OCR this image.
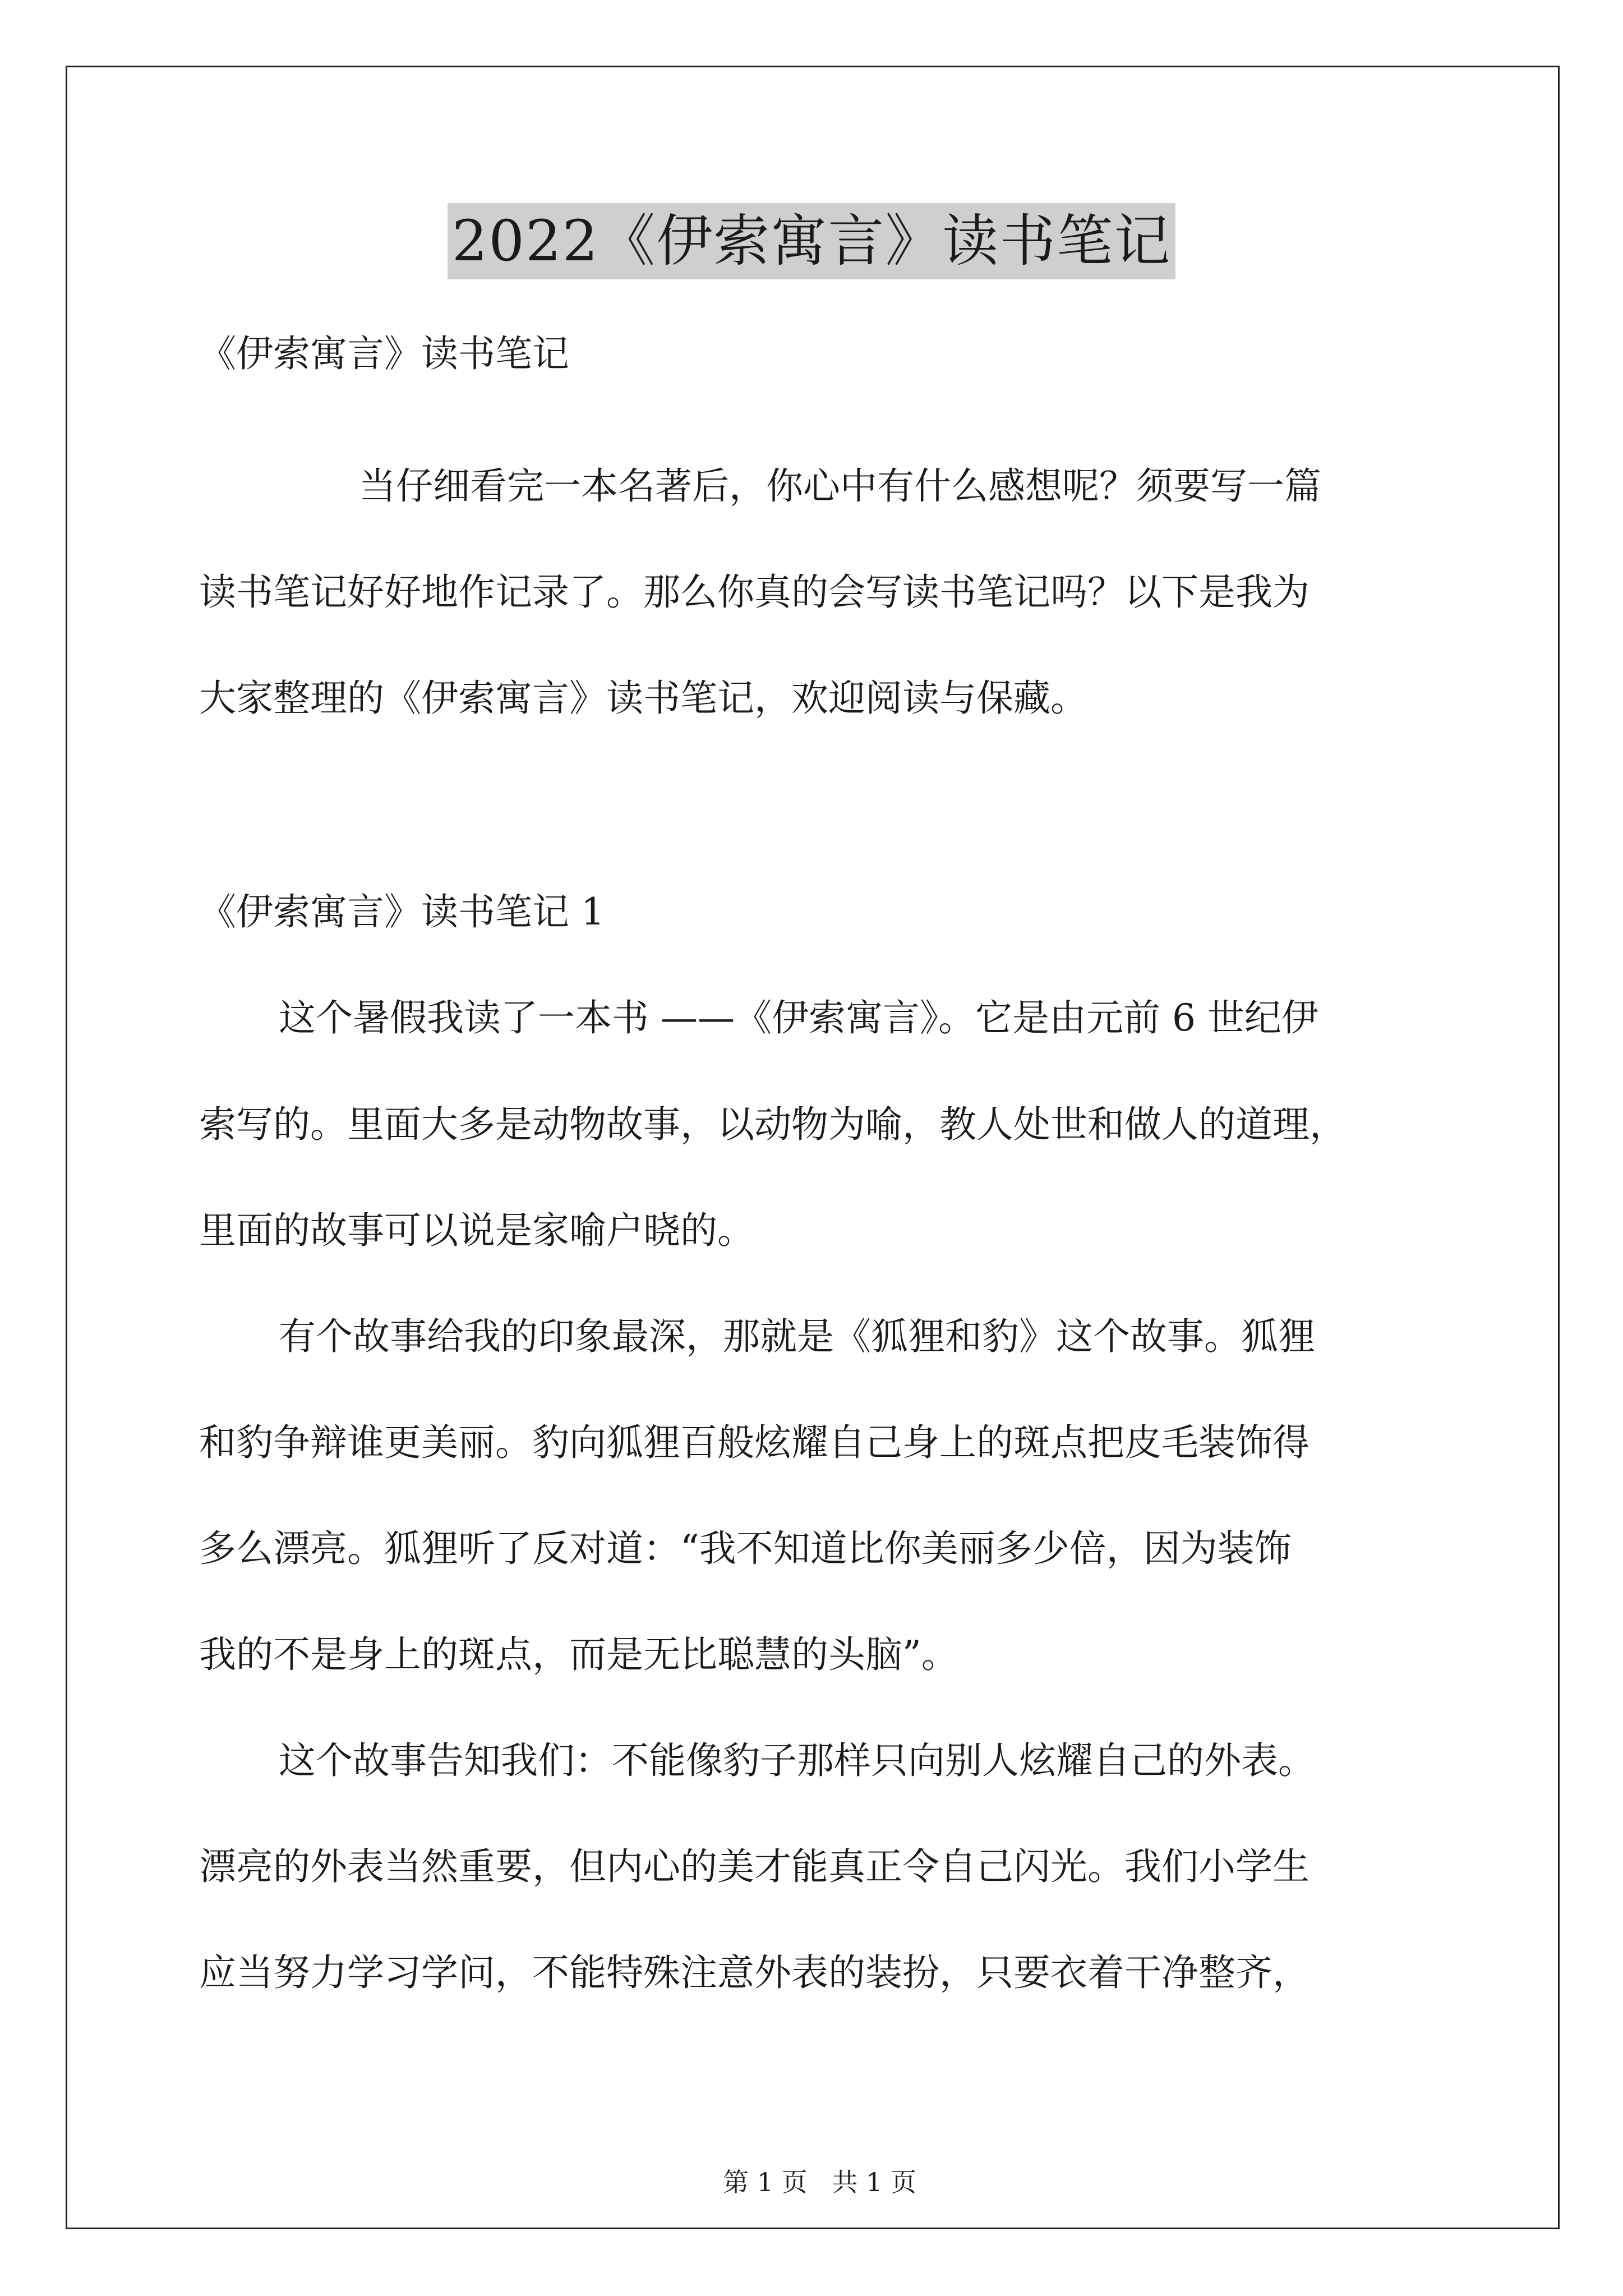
2022《伊索寓言》读书笔记

《伊索寓言》读书笔记

当仔细看完一本名著后，你心中有什么感想呢？须要写一篇

读书笔记好好地作记录了。那么你真的会写读书笔记吗？以下是我为

大家整理的《伊索寓言》读书笔记，欢迎阅读与保藏。

《伊索寓言》读书笔记 1

这个暑假我读了一本书 ——《伊索寓言》。它是由元前 6 世纪伊

索写的。里面大多是动物故事，以动物为喻，教人处世和做人的道理，

里面的故事可以说是家喻户晓的。

有个故事给我的印象最深，那就是《狐狸和豹》这个故事。狐狸

和豹争辩谁更美丽。豹向狐狸百般炫耀自己身上的斑点把皮毛装饰得

多么漂亮。狐狸听了反对道：“我不知道比你美丽多少倍，因为装饰

我的不是身上的斑点，而是无比聪慧的头脑”。

这个故事告知我们：不能像豹子那样只向别人炫耀自己的外表。

漂亮的外表当然重要，但内心的美才能真正令自己闪光。我们小学生

应当努力学习学问，不能特殊注意外表的装扮，只要衣着干净整齐，

第 1 页   共 1 页
